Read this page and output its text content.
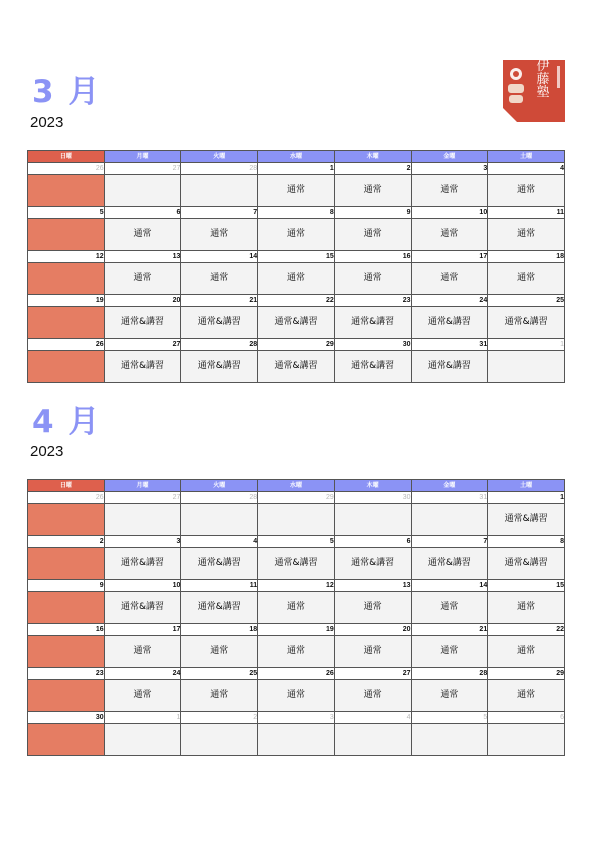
伊藤塾
3 月
2023
日曜	月曜	火曜	水曜	木曜	金曜	土曜
26	27	28	1	2	3	4
			通常	通常	通常	通常
5	6	7	8	9	10	11
	通常	通常	通常	通常	通常	通常
12	13	14	15	16	17	18
	通常	通常	通常	通常	通常	通常
19	20	21	22	23	24	25
	通常&講習	通常&講習	通常&講習	通常&講習	通常&講習	通常&講習
26	27	28	29	30	31	1
	通常&講習	通常&講習	通常&講習	通常&講習	通常&講習	
4 月
2023
日曜	月曜	火曜	水曜	木曜	金曜	土曜
26	27	28	29	30	31	1
						通常&講習
2	3	4	5	6	7	8
	通常&講習	通常&講習	通常&講習	通常&講習	通常&講習	通常&講習
9	10	11	12	13	14	15
	通常&講習	通常&講習	通常	通常	通常	通常
16	17	18	19	20	21	22
	通常	通常	通常	通常	通常	通常
23	24	25	26	27	28	29
	通常	通常	通常	通常	通常	通常
30	1	2	3	4	5	6
